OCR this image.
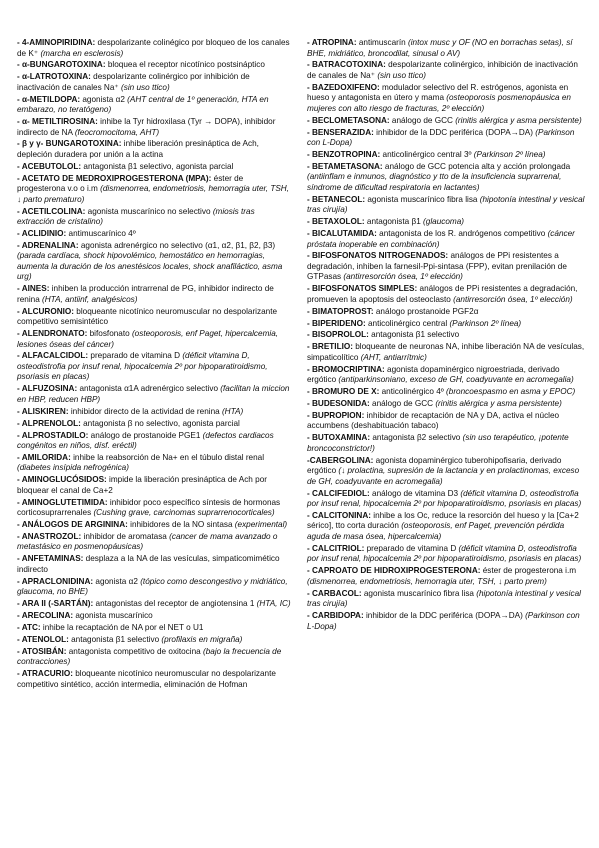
- 4-AMINOPIRIDINA: despolarizante colinégico por bloqueo de los canales de K⁺ (marcha en esclerosis)

- α-BUNGAROTOXINA: bloquea el receptor nicotínico postsináptico

- α-LATROTOXINA: despolarizante colinérgico por inhibición de inactivación de canales Na⁺ (sin uso ttico)

- α-METILDOPA: agonista α2 (AHT central de 1º generación, HTA en embarazo, no teratógeno)

- α- METILTIROSINA: inhibe la Tyr hidroxilasa (Tyr → DOPA), inhibidor indirecto de NA (feocromocitoma, AHT)

- β y γ- BUNGAROTOXINA: inhibe liberación presináptica de Ach, depleción duradera por unión a la actina

- ACEBUTOLOL: antagonista β1 selectivo, agonista parcial

- ACETATO DE MEDROXIPROGESTERONA (MPA): éster de progesterona v.o o i.m (dismenorrea, endometriosis, hemorragia uter, TSH, ↓ parto prematuro)

- ACETILCOLINA: agonista muscarínico no selectivo (miosis tras extracción de cristalino)

- ACLIDINIO: antimuscarínico 4º

- ADRENALINA: agonista adrenérgico no selectivo (α1, α2, β1, β2, β3) (parada cardíaca, shock hipovolémico, hemostático en hemorragias, aumenta la duración de los anestésicos locales, shock anafiláctico, asma urg)

- AINES: inhiben la producción intrarrenal de PG, inhibidor indirecto de renina (HTA, antiinf, analgésicos)

- ALCURONIO: bloqueante nicotínico neuromuscular no despolarizante competitivo semisintético

- ALENDRONATO: bifosfonato (osteoporosis, enf Paget, hipercalcemia, lesiones óseas del cáncer)

- ALFACALCIDOL: preparado de vitamina D (déficit vitamina D, osteodistrofia por insuf renal, hipocalcemia 2º por hipoparatiroidismo, psoriasis en placas)

- ALFUZOSINA: antagonista α1A adrenérgico selectivo (facilitan la miccion en HBP, reducen HBP)

- ALISKIREN: inhibidor directo de la actividad de renina (HTA)

- ALPRENOLOL: antagonista β no selectivo, agonista parcial

- ALPROSTADILO: análogo de prostanoide PGE1 (defectos cardiacos congénitos en niños, dísf. eréctil)

- AMILORIDA: inhibe la reabsorción de Na+ en el túbulo distal renal (diabetes insípida nefrogénica)

- AMINOGLUCÓSIDOS: impide la liberación presináptica de Ach por bloquear el canal de Ca+2

- AMINOGLUTETIMIDA: inhibidor poco específico síntesis de hormonas corticosuprarrenales (Cushing grave, carcinomas suprarrenocorticales)

- ANÁLOGOS DE ARGININA: inhibidores de la NO sintasa (experimental)

- ANASTROZOL: inhibidor de aromatasa (cancer de mama avanzado o metastásico en posmenopáusicas)

- ANFETAMINAS: desplaza a la NA de las vesículas, simpaticomimético indirecto

- APRACLONIDINA: agonista α2 (tópico como descongestivo y midriático, glaucoma, no BHE)

- ARA II (-SARTÁN): antagonistas del receptor de angiotensina 1 (HTA, IC)

- ARECOLINA: agonista muscarínico

- ATC: inhibe la recaptación de NA por el NET o U1

- ATENOLOL: antagonista β1 selectivo (profilaxis en migraña)

- ATOSIBÁN: antagonista competitivo de oxitocina (bajo la frecuencia de contracciones)

- ATRACURIO: bloqueante nicotínico neuromuscular no despolarizante competitivo sintético, acción intermedia, eliminación de Hofman

- ATROPINA: antimuscarín (intox musc y OF (NO en borrachas setas), sí BHE, midriático, broncodilat, sinusal o AV)

- BATRACOTOXINA: despolarizante colinérgico, inhibición de inactivación de canales de Na⁺ (sin uso ttico)

- BAZEDOXIFENO: modulador selectivo del R. estrógenos, agonista en hueso y antagonista en útero y mama (osteoporosis posmenopáusica en mujeres con alto riesgo de fracturas, 2º elección)

- BECLOMETASONA: análogo de GCC (rinitis alérgica y asma persistente)

- BENSERAZIDA: inhibidor de la DDC periférica (DOPA→DA) (Parkinson con L-Dopa)

- BENZOTROPINA: anticolinérgico central 3º (Parkinson 2º línea)

- BETAMETASONA: análogo de GCC potencia alta y acción prolongada (antiinflam e inmunos, diagnóstico y tto de la insuficiencia suprarrenal, síndrome de dificultad respiratoria en lactantes)

- BETANECOL: agonista muscarínico fibra lisa (hipotonía intestinal y vesical tras cirujía)

- BETAXOLOL: antagonista β1 (glaucoma)

- BICALUTAMIDA: antagonista de los R. andrógenos competitivo (cáncer próstata inoperable en combinación)

- BIFOSFONATOS NITROGENADOS: análogos de PPi resistentes a degradación, inhiben la farnesil-Ppi-sintasa (FPP), evitan prenilación de GTPasas (antirresorción ósea, 1º elección)

- BIFOSFONATOS SIMPLES: análogos de PPi resistentes a degradación, promueven la apoptosis del osteoclasto (antirresorción ósea, 1º elección)

- BIMATOPROST: análogo prostanoide PGF2α

- BIPERIDENO: anticolinérgico central (Parkinson 2º línea)

- BISOPROLOL: antagonista β1 selectivo

- BRETILIO: bloqueante de neuronas NA, inhibe liberación NA de vesículas, simpaticolítico (AHT, antiarrítmic)

- BROMOCRIPTINA: agonista dopaminérgico nigroestriada, derivado ergótico (antiparkinsoniano, exceso de GH, coadyuvante en acromegalia)

- BROMURO DE X: anticolinérgico 4º (broncoespasmo en asma y EPOC)

- BUDESONIDA: análogo de GCC (rinitis alérgica y asma persistente)

- BUPROPION: inhibidor de recaptación de NA y DA, activa el núcleo accumbens (deshabituación tabaco)

- BUTOXAMINA: antagonista β2 selectivo (sin uso terapéutico, ¡potente broncoconstrictor!)

-CABERGOLINA: agonista dopaminérgico tuberohipofisaria, derivado ergótico (↓ prolactina, supresión de la lactancia y en prolactinomas, exceso de GH, coadyuvante en acromegalia)

- CALCIFEDIOL: análogo de vitamina D3 (déficit vitamina D, osteodistrofia por insuf renal, hipocalcemia 2º por hipoparatiroidismo, psoriasis en placas)

- CALCITONINA: inhibe a los Oc, reduce la resorción del hueso y la [Ca+2 sérico], tto corta duración (osteoporosis, enf Paget, prevención pérdida aguda de masa ósea, hipercalcemia)

- CALCITRIOL: preparado de vitamina D (déficit vitamina D, osteodistrofia por insuf renal, hipocalcemia 2º por hipoparatiroidismo, psoriasis en placas)

- CAPROATO DE HIDROXIPROGESTERONA: éster de progesterona i.m (dismenorrea, endometriosis, hemorragia uter, TSH, ↓ parto prem)

- CARBACOL: agonista muscarínico fibra lisa (hipotonía intestinal y vesical tras cirujía)

- CARBIDOPA: inhibidor de la DDC periférica (DOPA→DA) (Parkinson con L-Dopa)
